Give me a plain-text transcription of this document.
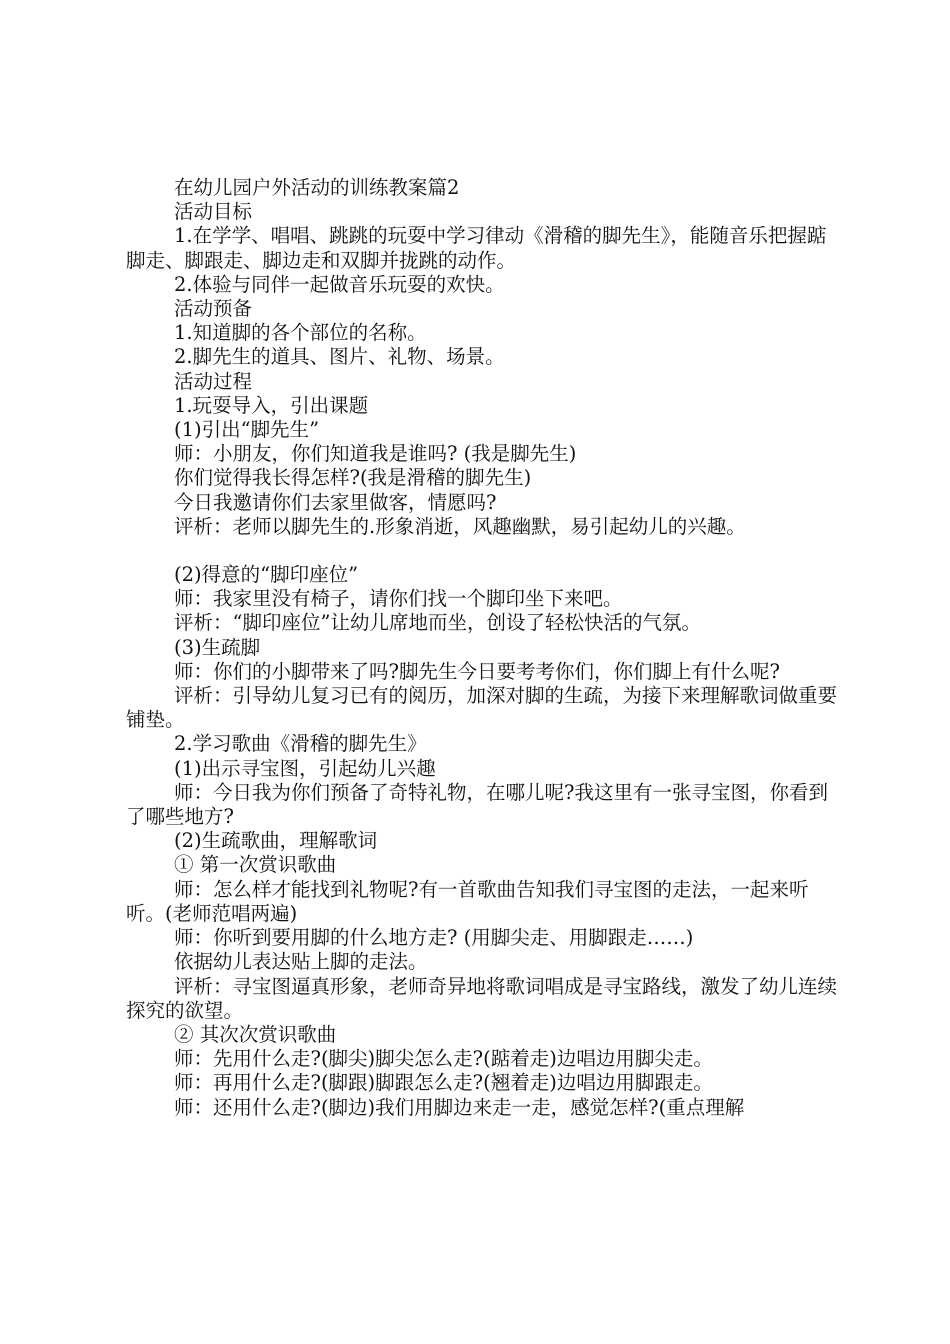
在幼儿园户外活动的训练教案篇2

活动目标

1.在学学、唱唱、跳跳的玩耍中学习律动《滑稽的脚先生》，能随音乐把握踮脚走、脚跟走、脚边走和双脚并拢跳的动作。

2.体验与同伴一起做音乐玩耍的欢快。

活动预备

1.知道脚的各个部位的名称。

2.脚先生的道具、图片、礼物、场景。

活动过程

1.玩耍导入，引出课题

(1)引出“脚先生”

师：小朋友，你们知道我是谁吗? (我是脚先生)

你们觉得我长得怎样?(我是滑稽的脚先生)

今日我邀请你们去家里做客，情愿吗?

评析：老师以脚先生的.形象消逝，风趣幽默，易引起幼儿的兴趣。

(2)得意的“脚印座位”

师：我家里没有椅子，请你们找一个脚印坐下来吧。

评析：“脚印座位”让幼儿席地而坐，创设了轻松快活的气氛。

(3)生疏脚

师：你们的小脚带来了吗?脚先生今日要考考你们，你们脚上有什么呢?

评析：引导幼儿复习已有的阅历，加深对脚的生疏，为接下来理解歌词做重要铺垫。

2.学习歌曲《滑稽的脚先生》

(1)出示寻宝图，引起幼儿兴趣

师：今日我为你们预备了奇特礼物，在哪儿呢?我这里有一张寻宝图，你看到了哪些地方?

(2)生疏歌曲，理解歌词

① 第一次赏识歌曲

师：怎么样才能找到礼物呢?有一首歌曲告知我们寻宝图的走法，一起来听听。(老师范唱两遍)

师：你听到要用脚的什么地方走? (用脚尖走、用脚跟走……)

依据幼儿表达贴上脚的走法。

评析：寻宝图逼真形象，老师奇异地将歌词唱成是寻宝路线，激发了幼儿连续探究的欲望。

② 其次次赏识歌曲

师：先用什么走?(脚尖)脚尖怎么走?(踮着走)边唱边用脚尖走。

师：再用什么走?(脚跟)脚跟怎么走?(翘着走)边唱边用脚跟走。

师：还用什么走?(脚边)我们用脚边来走一走，感觉怎样?(重点理解
